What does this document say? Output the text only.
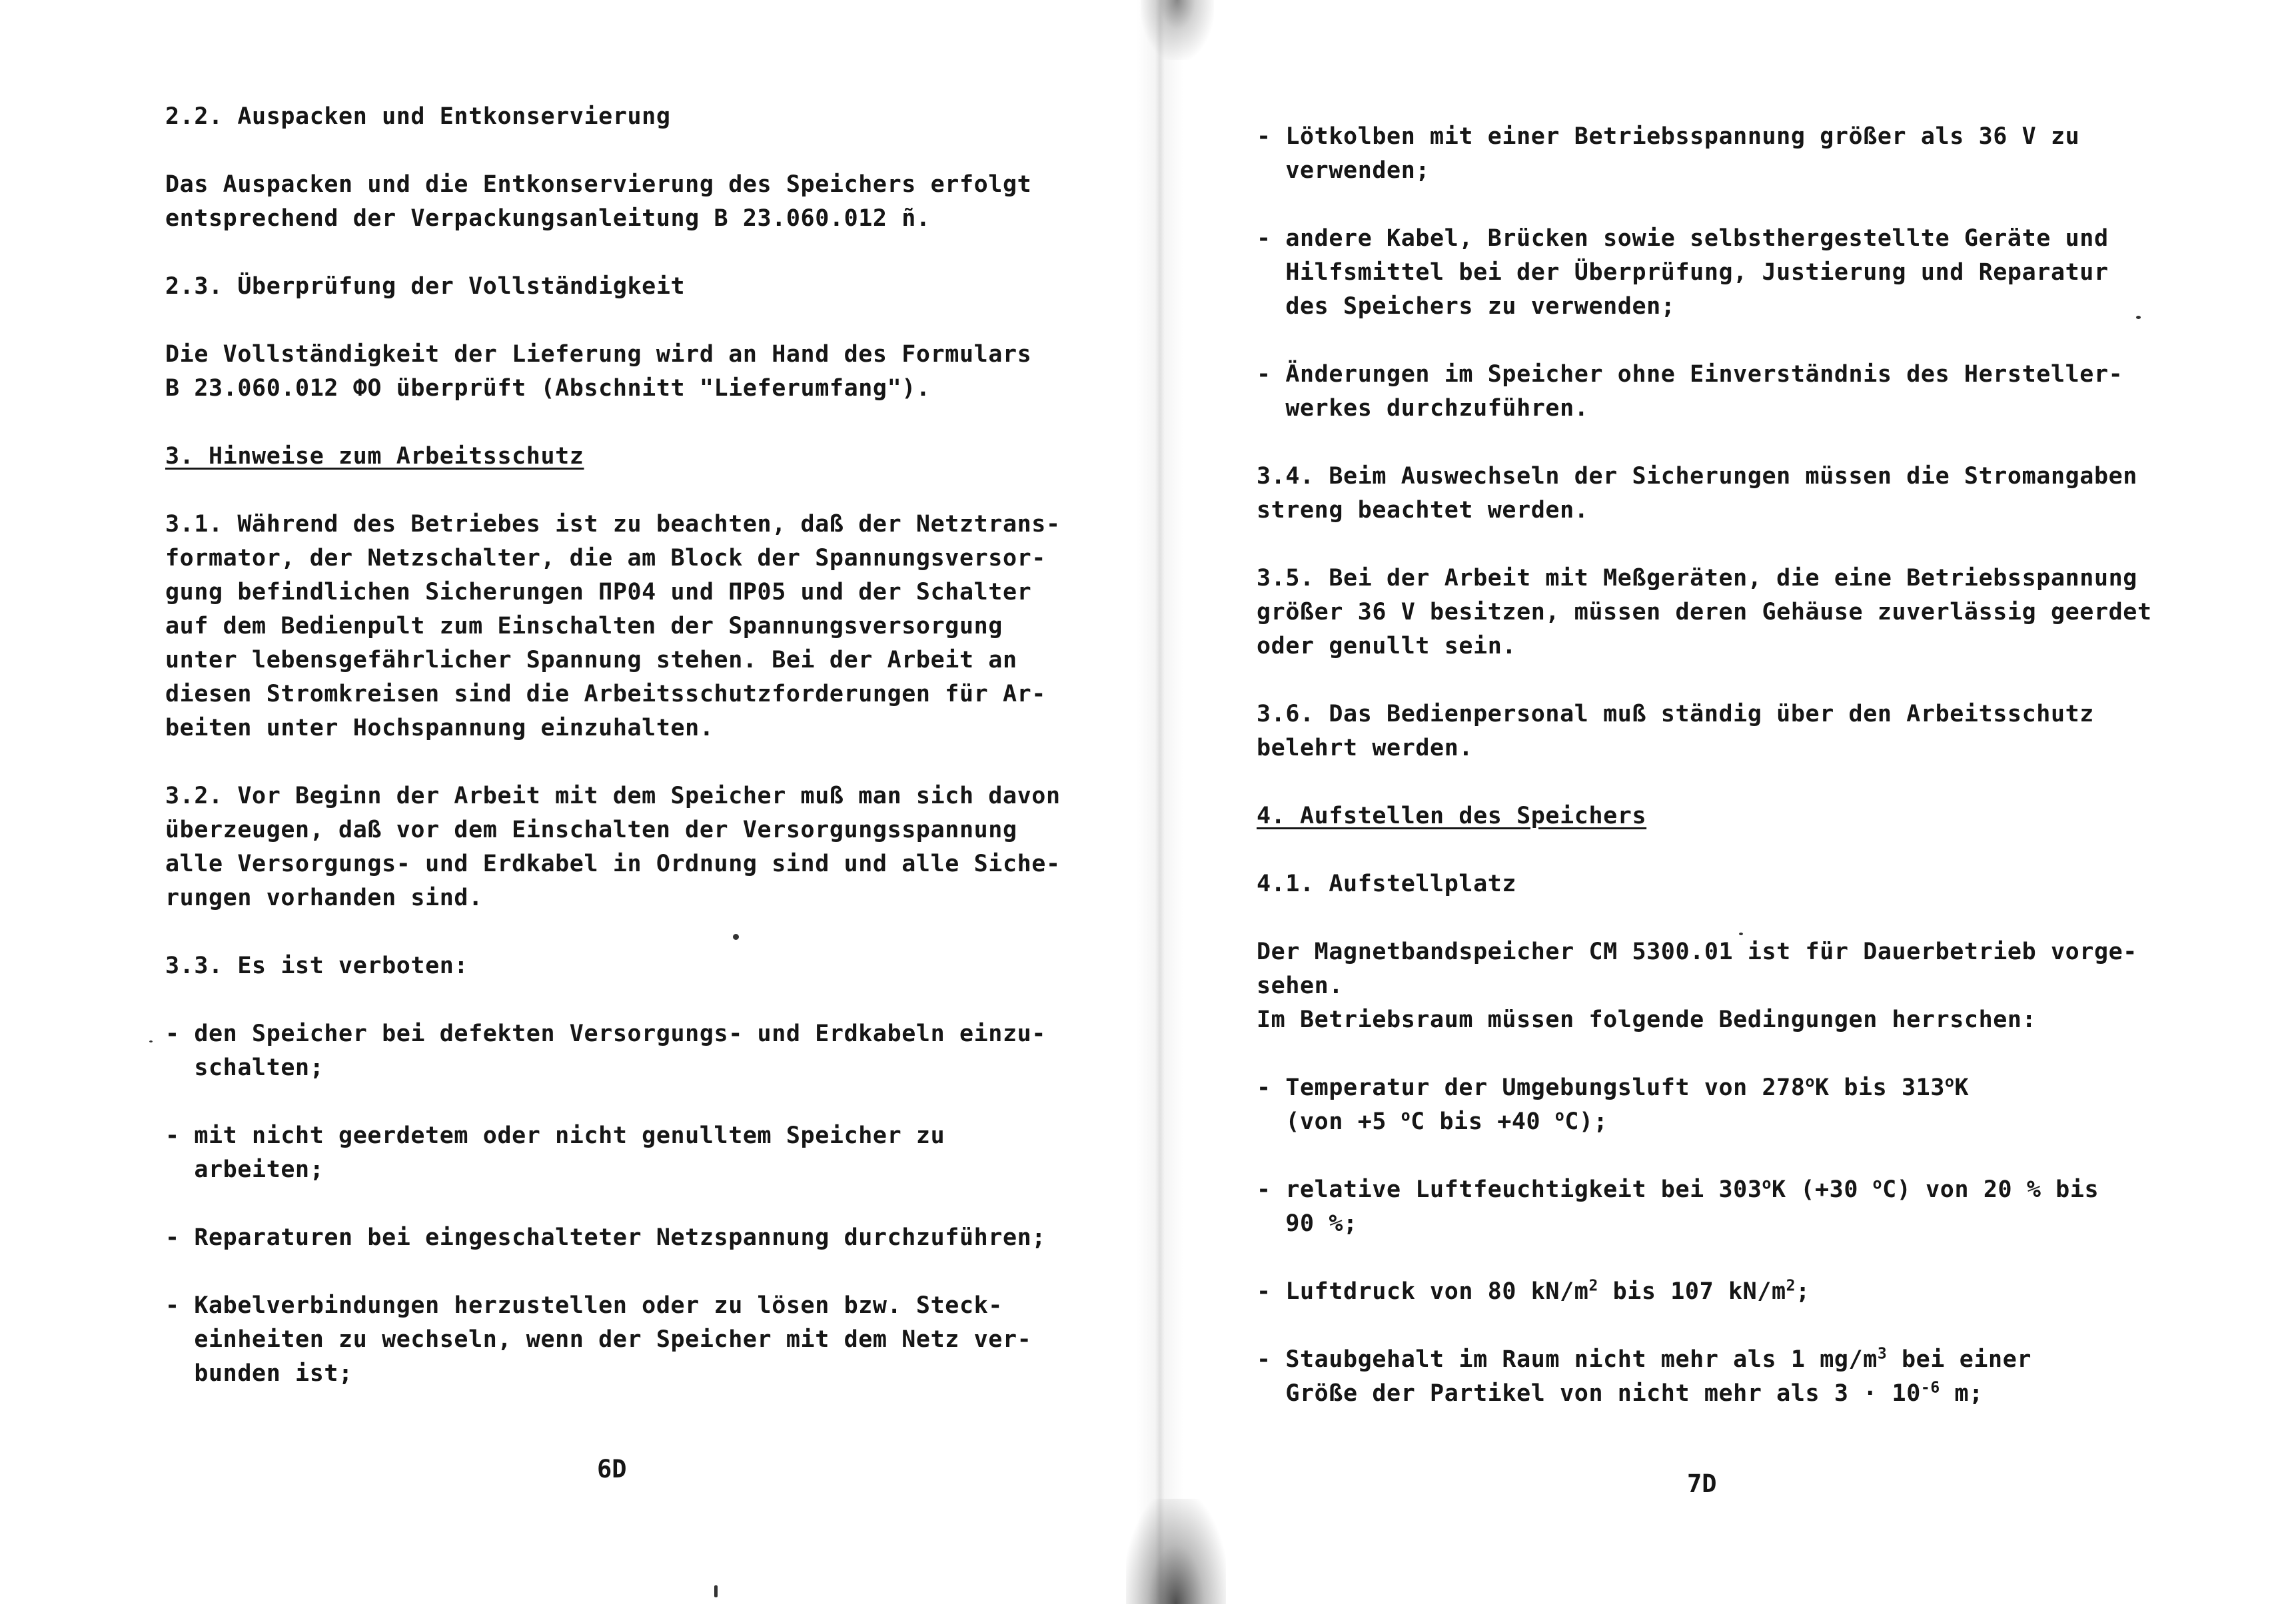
2.2. Auspacken und Entkonservierung

Das Auspacken und die Entkonservierung des Speichers erfolgt

entsprechend der Verpackungsanleitung B 23.060.012 ñ.

2.3. Überprüfung der Vollständigkeit

Die Vollständigkeit der Lieferung wird an Hand des Formulars

B 23.060.012 ФО überprüft (Abschnitt "Lieferumfang").

3. Hinweise zum Arbeitsschutz

3.1. Während des Betriebes ist zu beachten, daß der Netztrans-

formator, der Netzschalter, die am Block der Spannungsversor-

gung befindlichen Sicherungen ПР04 und ПР05 und der Schalter

auf dem Bedienpult zum Einschalten der Spannungsversorgung

unter lebensgefährlicher Spannung stehen. Bei der Arbeit an

diesen Stromkreisen sind die Arbeitsschutzforderungen für Ar-

beiten unter Hochspannung einzuhalten.

3.2. Vor Beginn der Arbeit mit dem Speicher muß man sich davon

überzeugen, daß vor dem Einschalten der Versorgungsspannung

alle Versorgungs- und Erdkabel in Ordnung sind und alle Siche-

rungen vorhanden sind.

3.3. Es ist verboten:

- den Speicher bei defekten Versorgungs- und Erdkabeln einzu-

schalten;

- mit nicht geerdetem oder nicht genulltem Speicher zu

arbeiten;

- Reparaturen bei eingeschalteter Netzspannung durchzuführen;

- Kabelverbindungen herzustellen oder zu lösen bzw. Steck-

einheiten zu wechseln, wenn der Speicher mit dem Netz ver-

bunden ist;

6D

- Lötkolben mit einer Betriebsspannung größer als 36 V zu

verwenden;

- andere Kabel, Brücken sowie selbsthergestellte Geräte und

Hilfsmittel bei der Überprüfung, Justierung und Reparatur

des Speichers zu verwenden;

- Änderungen im Speicher ohne Einverständnis des Hersteller-

werkes durchzuführen.

3.4. Beim Auswechseln der Sicherungen müssen die Stromangaben

streng beachtet werden.

3.5. Bei der Arbeit mit Meßgeräten, die eine Betriebsspannung

größer 36 V besitzen, müssen deren Gehäuse zuverlässig geerdet

oder genullt sein.

3.6. Das Bedienpersonal muß ständig über den Arbeitsschutz

belehrt werden.

4. Aufstellen des Speichers

4.1. Aufstellplatz

Der Magnetbandspeicher CM 5300.01 ist für Dauerbetrieb vorge-

sehen.

Im Betriebsraum müssen folgende Bedingungen herrschen:

- Temperatur der Umgebungsluft von 278$^o$K bis 313$^o$K

(von +5 $^o$C bis +40 $^o$C);

- relative Luftfeuchtigkeit bei 303$^o$K (+30 $^o$C) von 20 % bis

90 %;

- Luftdruck von 80 $kN/m^2$ bis 107 $kN/m^2$;

- Staubgehalt im Raum nicht mehr als 1 $mg/m^3$ bei einer

Größe der Partikel von nicht mehr als $3 \cdot 10^{-6}$ m;

7D
